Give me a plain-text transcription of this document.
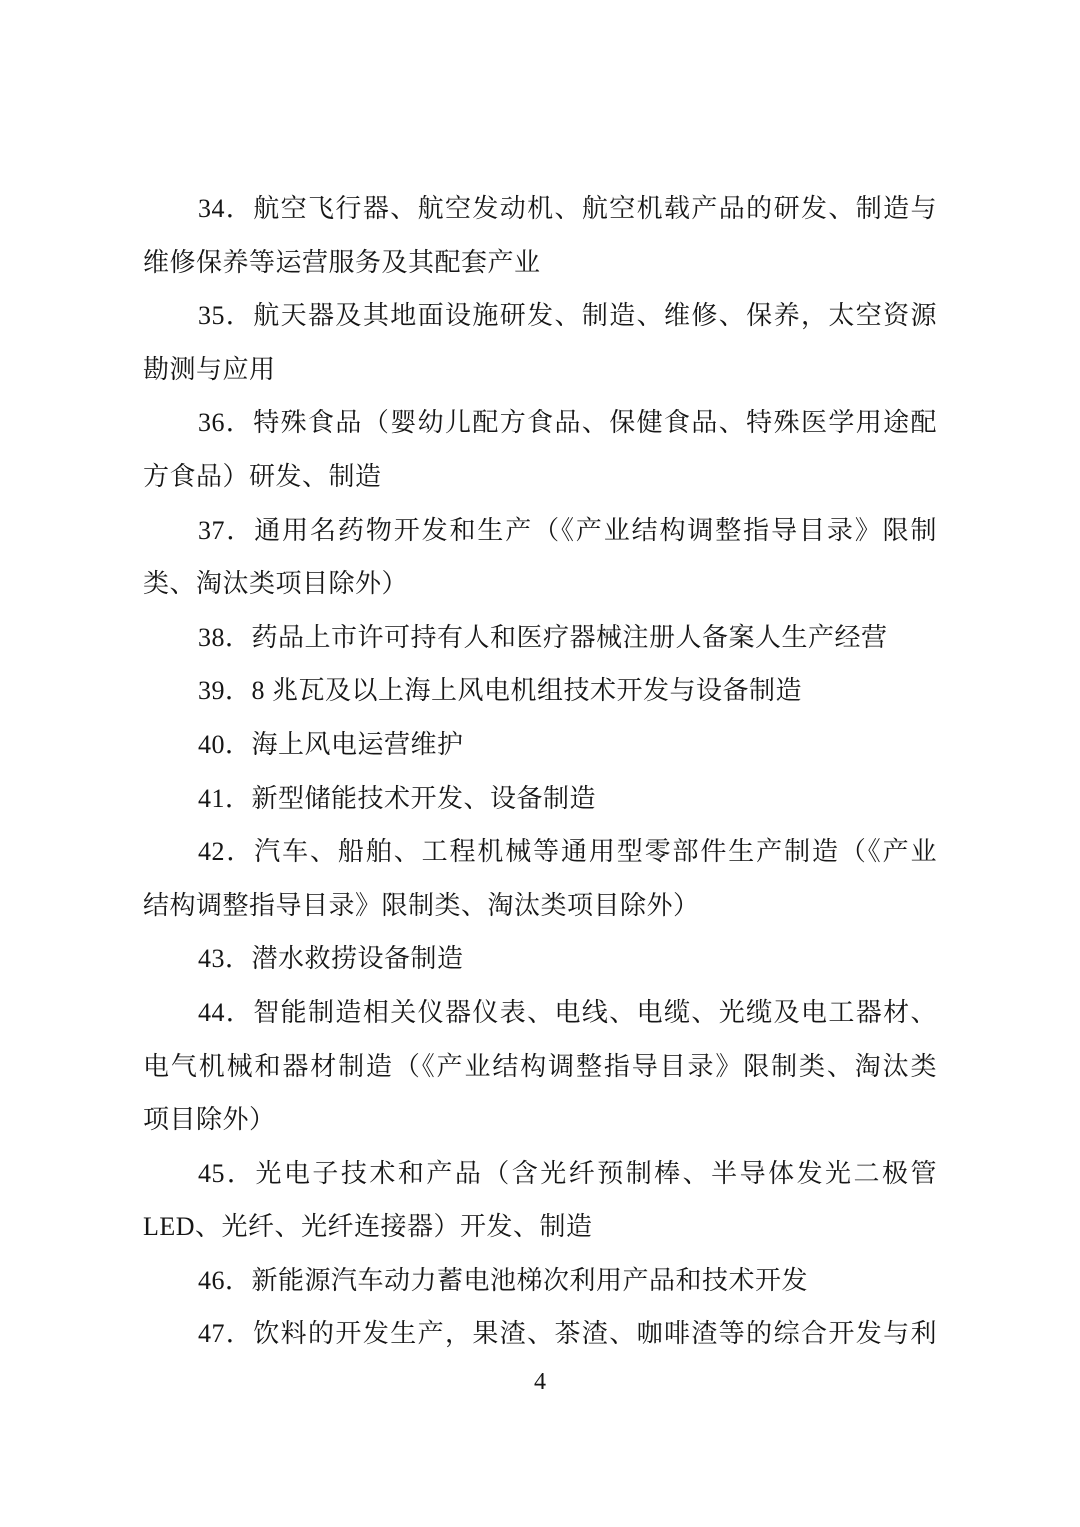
34．航空飞行器、航空发动机、航空机载产品的研发、制造与
维修保养等运营服务及其配套产业
35．航天器及其地面设施研发、制造、维修、保养，太空资源
勘测与应用
36．特殊食品（婴幼儿配方食品、保健食品、特殊医学用途配
方食品）研发、制造
37．通用名药物开发和生产（《产业结构调整指导目录》限制
类、淘汰类项目除外）
38．药品上市许可持有人和医疗器械注册人备案人生产经营
39．8 兆瓦及以上海上风电机组技术开发与设备制造
40．海上风电运营维护
41．新型储能技术开发、设备制造
42．汽车、船舶、工程机械等通用型零部件生产制造（《产业
结构调整指导目录》限制类、淘汰类项目除外）
43．潜水救捞设备制造
44．智能制造相关仪器仪表、电线、电缆、光缆及电工器材、
电气机械和器材制造（《产业结构调整指导目录》限制类、淘汰类
项目除外）
45．光电子技术和产品（含光纤预制棒、半导体发光二极管
LED、光纤、光纤连接器）开发、制造
46．新能源汽车动力蓄电池梯次利用产品和技术开发
47．饮料的开发生产，果渣、茶渣、咖啡渣等的综合开发与利
4
